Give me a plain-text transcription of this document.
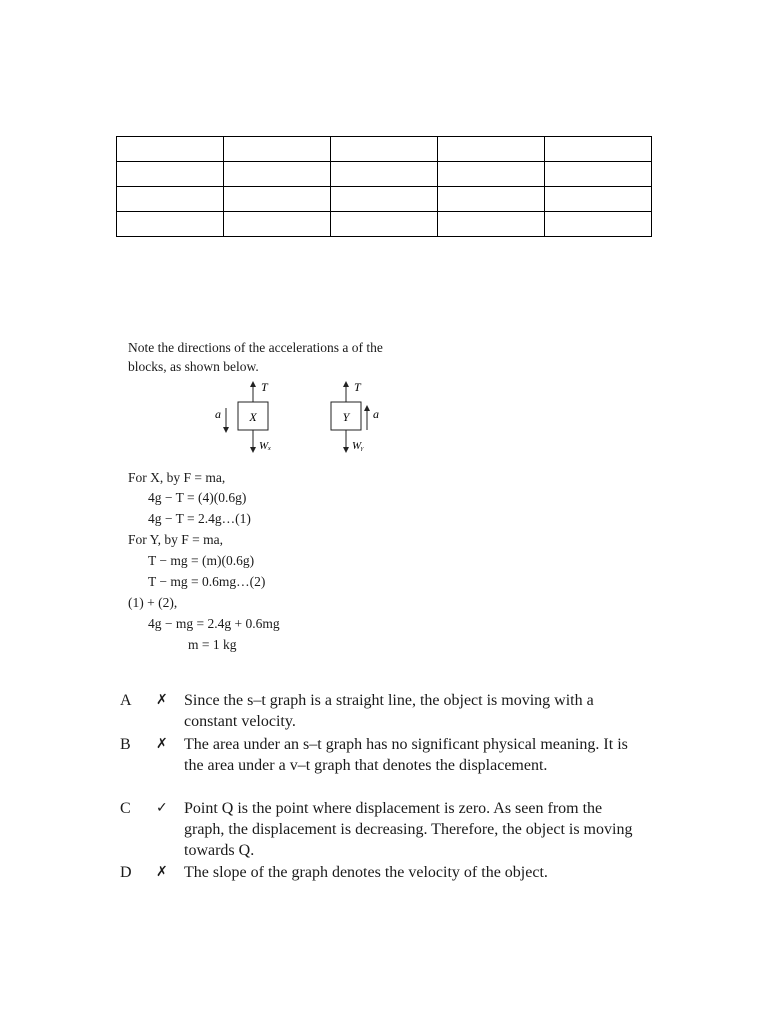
Note the directions of the accelerations a of the
blocks, as shown below.
X
T
Wₓ
a	Y
T
Wᵧ
a
For X, by F = ma,
4g − T = (4)(0.6g)
4g − T = 2.4g…(1)
For Y, by F = ma,
T − mg = (m)(0.6g)
T − mg = 0.6mg…(2)
(1) + (2),
4g − mg = 2.4g + 0.6mg
m = 1 kg
A ✗ Since the s–t graph is a straight line, the object is moving with a constant velocity.
B ✗ The area under an s–t graph has no significant physical meaning. It is the area under a v–t graph that denotes the displacement.
C ✓ Point Q is the point where displacement is zero. As seen from the graph, the displacement is decreasing. Therefore, the object is moving towards Q.
D ✗ The slope of the graph denotes the velocity of the object.
